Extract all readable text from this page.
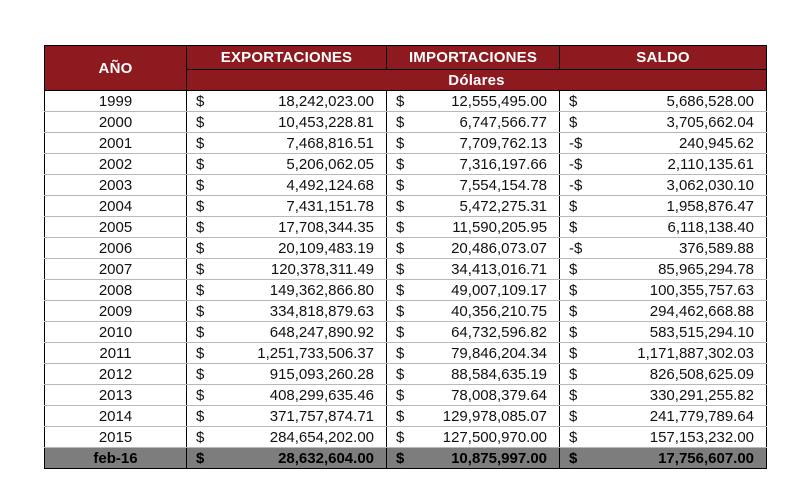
AÑO	EXPORTACIONES		IMPORTACIONES		SALDO	
	Dólares					
1999	$	18,242,023.00	$	12,555,495.00	$	5,686,528.00
2000	$	10,453,228.81	$	6,747,566.77	$	3,705,662.04
2001	$	7,468,816.51	$	7,709,762.13	-$	240,945.62
2002	$	5,206,062.05	$	7,316,197.66	-$	2,110,135.61
2003	$	4,492,124.68	$	7,554,154.78	-$	3,062,030.10
2004	$	7,431,151.78	$	5,472,275.31	$	1,958,876.47
2005	$	17,708,344.35	$	11,590,205.95	$	6,118,138.40
2006	$	20,109,483.19	$	20,486,073.07	-$	376,589.88
2007	$	120,378,311.49	$	34,413,016.71	$	85,965,294.78
2008	$	149,362,866.80	$	49,007,109.17	$	100,355,757.63
2009	$	334,818,879.63	$	40,356,210.75	$	294,462,668.88
2010	$	648,247,890.92	$	64,732,596.82	$	583,515,294.10
2011	$	1,251,733,506.37	$	79,846,204.34	$	1,171,887,302.03
2012	$	915,093,260.28	$	88,584,635.19	$	826,508,625.09
2013	$	408,299,635.46	$	78,008,379.64	$	330,291,255.82
2014	$	371,757,874.71	$	129,978,085.07	$	241,779,789.64
2015	$	284,654,202.00	$	127,500,970.00	$	157,153,232.00
feb-16	$	28,632,604.00	$	10,875,997.00	$	17,756,607.00
